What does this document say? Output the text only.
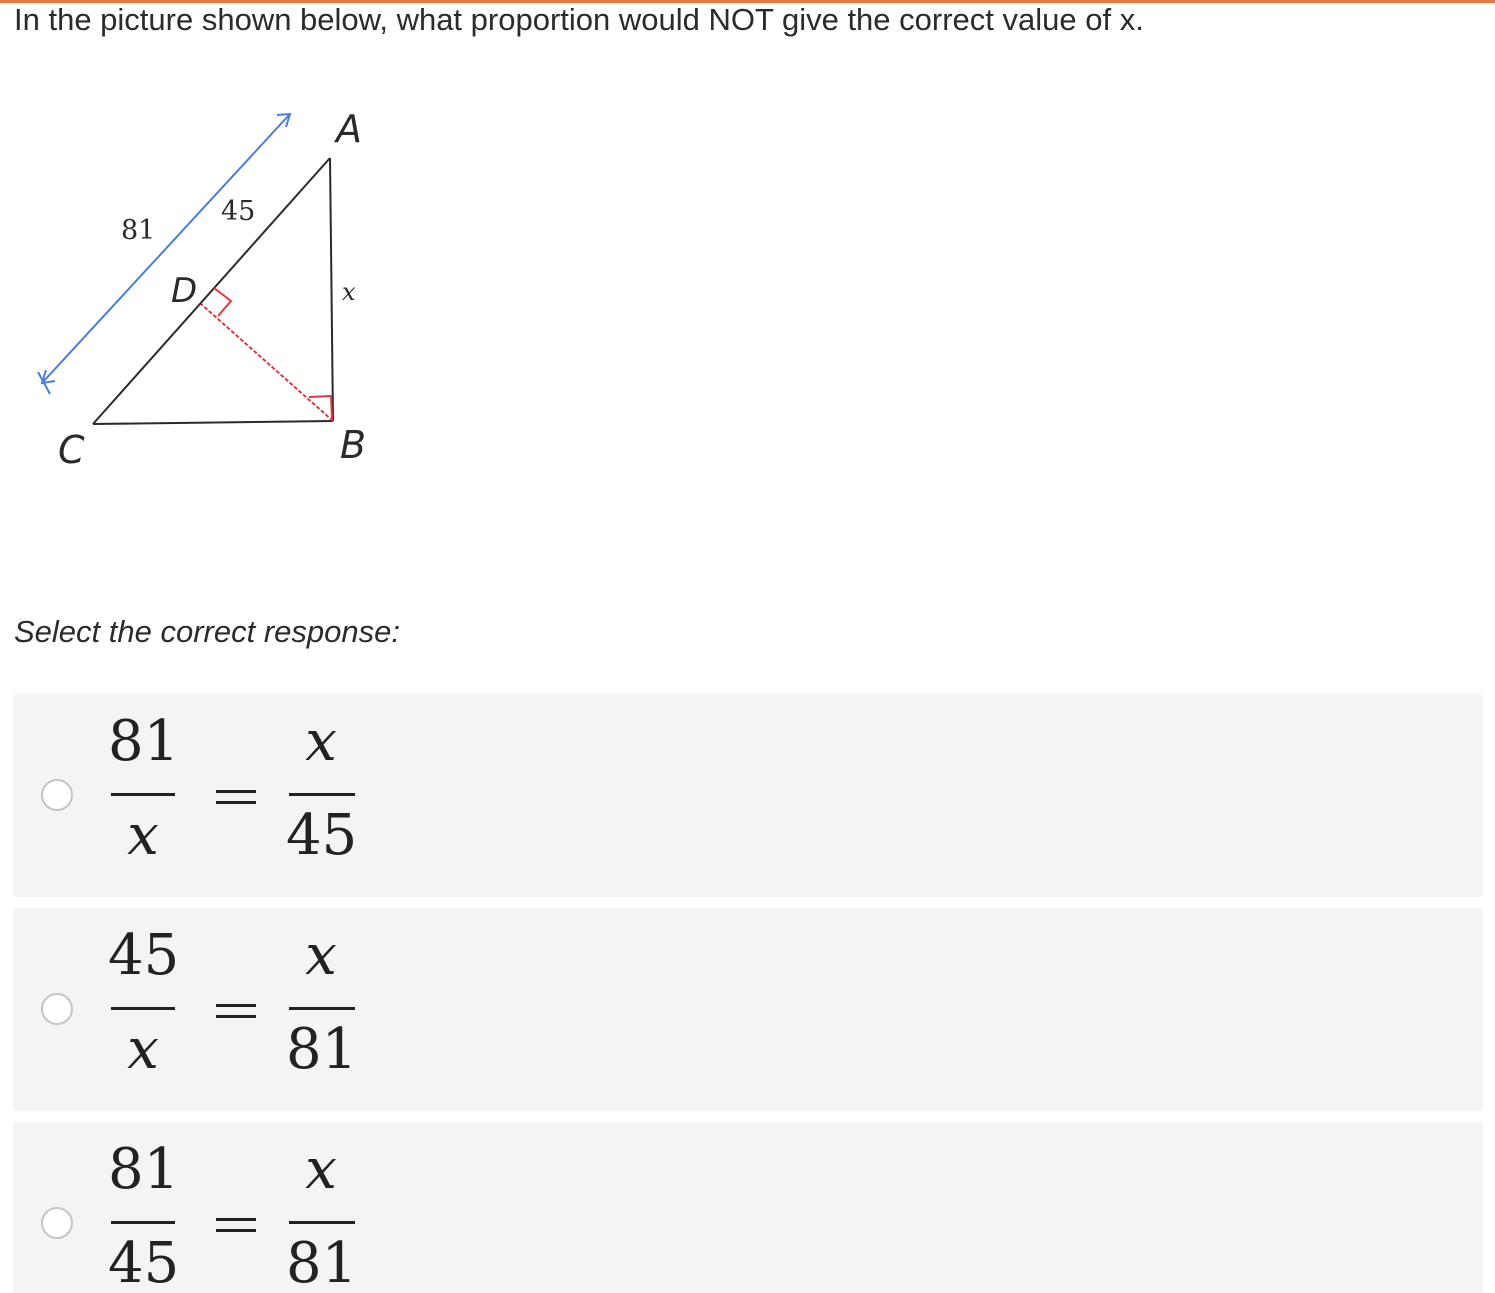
In the picture shown below, what proportion would NOT give the correct value of x.
A
C	B
D
81
45
x
Select the correct response:
81
x
x
45
45
x
x
81
81
45
x
81
